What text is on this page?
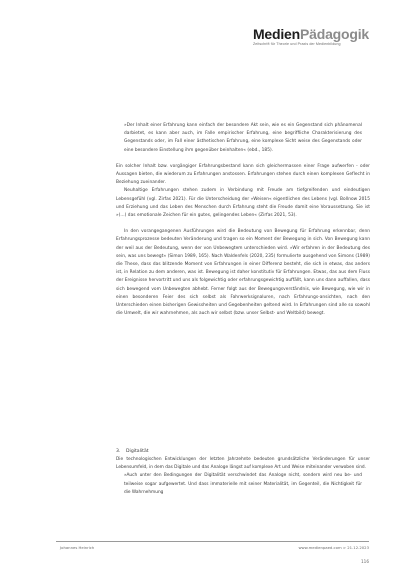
MedienPädagogik
Zeitschrift für Theorie und Praxis der Medienbildung

»Der Inhalt einer Erfahrung kann einfach der besondere Akt sein, wie es ein Gegenstand sich phänomenal darbietet, es kann aber auch, im Falle empirischer Erfahrung, eine begriffliche Charakterisierung des Gegenstands oder, im Fall einer ästhetischen Erfahrung, eine komplexe Sicht weise des Gegenstands oder eine besondere Einstellung ihm gegenüber beinhalten« (ebd., 185).

Ein solcher Inhalt bzw. vorgängiger Erfahrungsbestand kann sich gleichermassen einer Frage aufwerfen - oder Aussagen bieten, die wiederum zu Erfahrungen anstossen. Erfahrungen stehen durch einen komplexen Geflecht in Beziehung zueinander.

Neuhaltige Erfahrungen stehen zudem in Verbindung mit Freude am tiefgreifenden und eindeutigen Lebensgefühl (vgl. Zirfas 2021). Für die Unterscheidung der »Weisen« eigentlichen des Lebens (vgl. Bollnow 2015 und Erziehung und das Leben des Menschen durch Erfahrung steht die Freude damit eine Voraussetzung. Sie ist »(...) das emotionale Zeichen für ein gutes, gelingendes Leben« (Zirfas 2021, 53).

In den vorangegangenen Ausführungen wird die Bedeutung von Bewegung für Erfahrung erkennbar, denn Erfahrungsprozesse bedeuten Veränderung und tragen so ein Moment der Bewegung in sich. Von Bewegung kann der weil aus der Bedeutung, wenn der von Unbewegtem unterschieden wird. »Wir erfahren in der Bedeutung des sein, was uns bewegt« (Simon 1989, 165). Nach Waldenfels (2020, 235) formulierte ausgehend von Simons (1989) die These, dass das blitzende Moment von Erfahrungen in einer Differenz besteht, die sich in etwas, das anders ist, in Relation zu dem anderen, was ist. Bewegung ist daher konstitutiv für Erfahrungen. Etwas, das aus dem Fluss der Ereignisse hervortritt und uns als folgewichtig oder erfahrungsgewichtig auffällt, kann uns dann auffallen, dass sich bewegend vom Unbewegten abhebt. Ferner folgt aus der Bewegungsverständnis, wie Bewegung, wie wir in einen besonderen Feier des sich selbst als Fahrwerksignaluren, nach Erfahrungs-ansichten, nach den Unterschieden einen bisherigen Gewissheiten und Gegebenheiten geltend wird. In Erfahrungen sind alle so sowohl die Umwelt, die wir wahrnehmen, als auch wir selbst (bzw. unser Selbst- und Weltbild) bewegt.

3. Digitalität

Die technologischen Entwicklungen der letzten Jahrzehnte bedeuten grundsätzliche Veränderungen für unser Lebensumfeld, in dem das Digitale und das Analoge längst auf komplexe Art und Weise miteinander verwoben sind.

»Auch unter den Bedingungen der Digitalität verschwindet das Analoge nicht, sondern wird neu be- und teilweise sogar aufgewertet. Und dass immaterielle mit seiner Materialität, im Gegenteil, die Nichtigkeit für die Wahrnehmung

Johannes Heinrich	www.medienpaed.com > 21.12.2023
116
